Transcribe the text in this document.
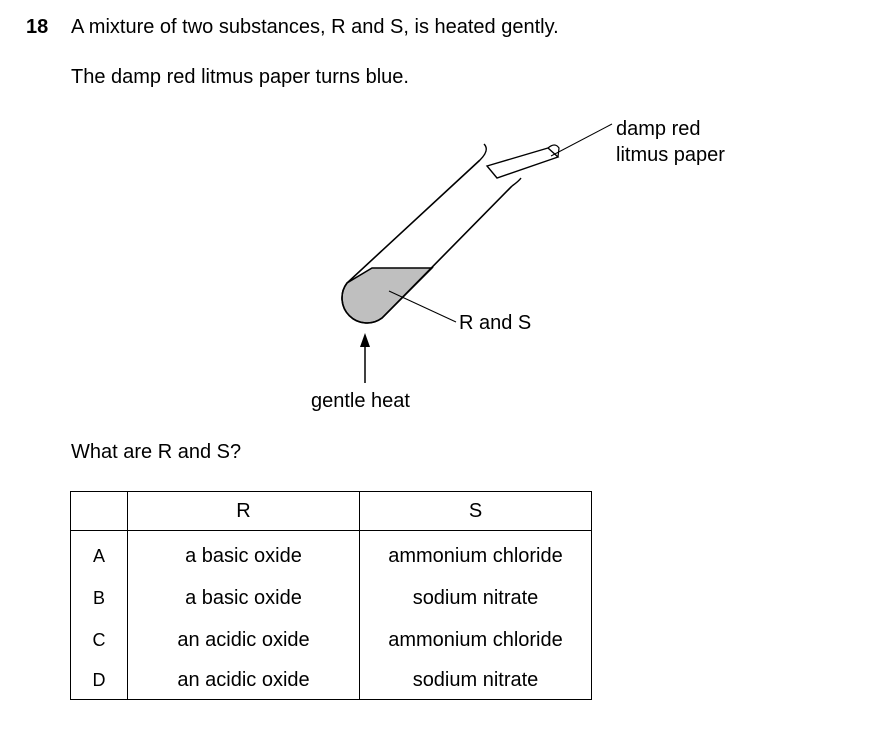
18 A mixture of two substances, R and S, is heated gently.
The damp red litmus paper turns blue.
damp red
litmus paper
R and S
gentle heat
What are R and S?
	R	S
A	a basic oxide	ammonium chloride
B	a basic oxide	sodium nitrate
C	an acidic oxide	ammonium chloride
D	an acidic oxide	sodium nitrate
